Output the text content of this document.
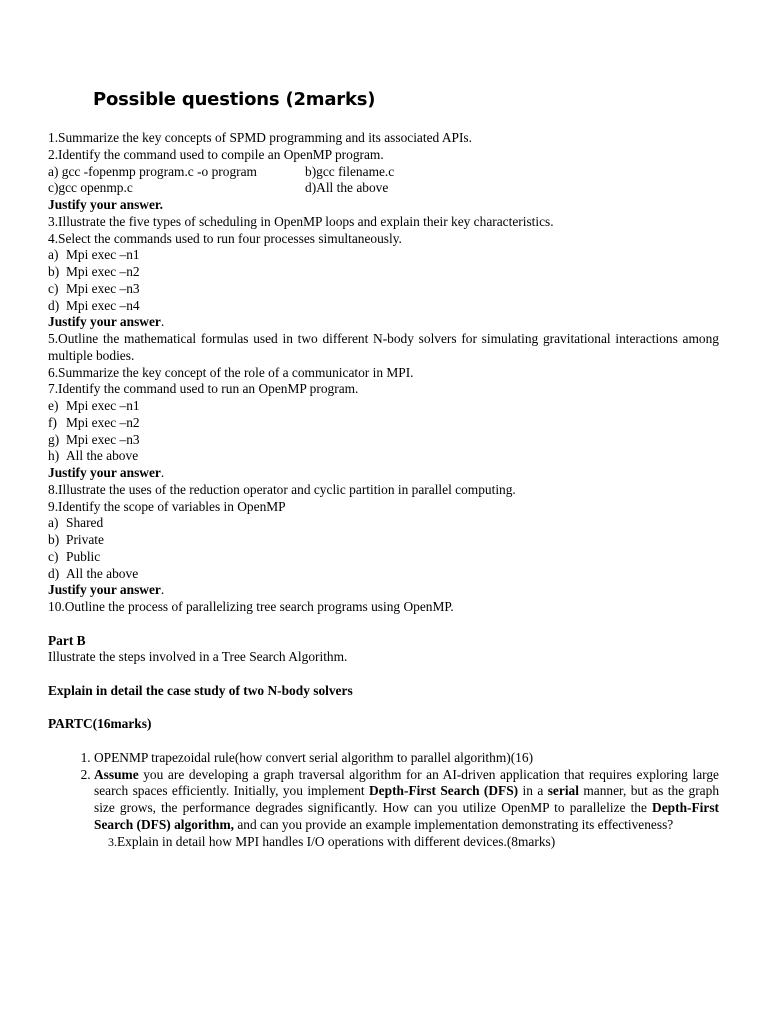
Possible questions (2marks)
1.Summarize the key concepts of SPMD programming and its associated APIs.
2.Identify the command used to compile an OpenMP program.
a) gcc -fopenmp program.c -o program	b)gcc filename.c
c)gcc openmp.c	d)All the above
Justify your answer.
3.Illustrate the five types of scheduling in OpenMP loops and explain their key characteristics.
4.Select the commands used to run four processes simultaneously.
a) Mpi exec –n1
b) Mpi exec –n2
c) Mpi exec –n3
d) Mpi exec –n4
Justify your answer.
5.Outline the mathematical formulas used in two different N-body solvers for simulating gravitational interactions among multiple bodies.
6.Summarize the key concept of the role of a communicator in MPI.
7.Identify the command used to run an OpenMP program.
e) Mpi exec –n1
f) Mpi exec –n2
g) Mpi exec –n3
h) All the above
Justify your answer.
8.Illustrate the uses of the reduction operator and cyclic partition in parallel computing.
9.Identify the scope of variables in OpenMP
a) Shared
b) Private
c) Public
d) All the above
Justify your answer.
10.Outline the process of parallelizing tree search programs using OpenMP.
Part B
Illustrate the steps involved in a Tree Search Algorithm.
Explain in detail the case study of two N-body solvers
PARTC(16marks)
1. OPENMP trapezoidal rule(how convert serial algorithm to parallel algorithm)(16)
2. Assume you are developing a graph traversal algorithm for an AI-driven application that requires exploring large search spaces efficiently. Initially, you implement Depth-First Search (DFS) in a serial manner, but as the graph size grows, the performance degrades significantly. How can you utilize OpenMP to parallelize the Depth-First Search (DFS) algorithm, and can you provide an example implementation demonstrating its effectiveness?
3.Explain in detail how MPI handles I/O operations with different devices.(8marks)
